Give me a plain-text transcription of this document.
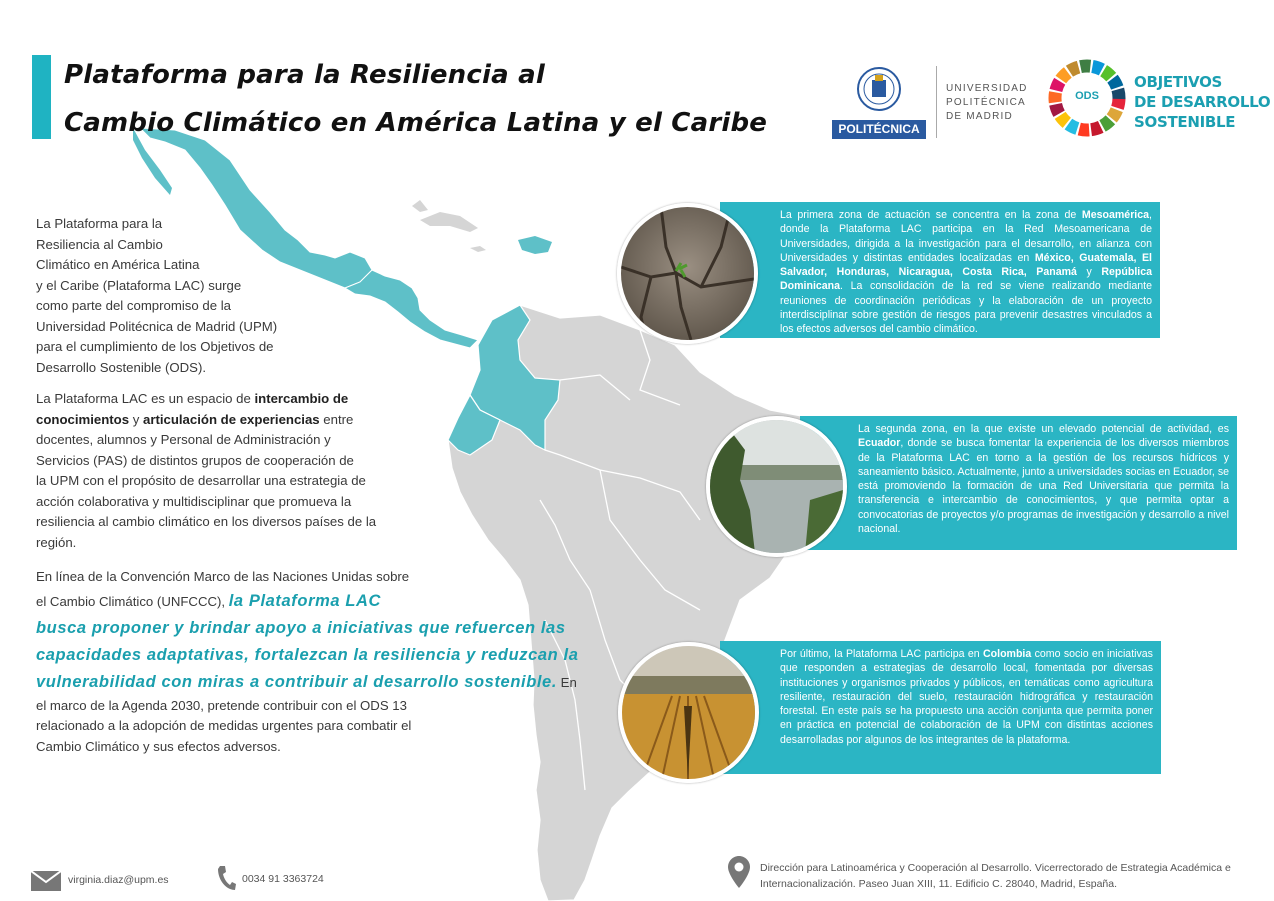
Plataforma para la Resiliencia al
Cambio Climático en América Latina y el Caribe	POLITÉCNICA
UNIVERSIDAD
POLITÉCNICA
DE MADRID
ODS
OBJETIVOS
DE DESARROLLO
SOSTENIBLE
La Plataforma para la
Resiliencia al Cambio
Climático en América Latina
y el Caribe (Plataforma LAC) surge
como parte del compromiso de la
Universidad Politécnica de Madrid (UPM)
para el cumplimiento de los Objetivos de
Desarrollo Sostenible (ODS).
La Plataforma LAC es un espacio de intercambio de
conocimientos y articulación de experiencias entre
docentes, alumnos y Personal de Administración y
Servicios (PAS) de distintos grupos de cooperación de
la UPM con el propósito de desarrollar una estrategia de
acción colaborativa y multidisciplinar que promueva la
resiliencia al cambio climático en los diversos países de la
región.
En línea de la Convención Marco de las Naciones Unidas sobre
el Cambio Climático (UNFCCC), la Plataforma LAC
busca proponer y brindar apoyo a iniciativas que refuercen las
capacidades adaptativas, fortalezcan la resiliencia y reduzcan la
vulnerabilidad con miras a contribuir al desarrollo sostenible. En
el marco de la Agenda 2030, pretende contribuir con el ODS 13
relacionado a la adopción de medidas urgentes para combatir el
Cambio Climático y sus efectos adversos.
La primera zona de actuación se concentra en la zona de Mesoamérica, donde la Plataforma LAC participa en la Red Mesoamericana de Universidades, dirigida a la investigación para el desarrollo, en alianza con Universidades y distintas entidades localizadas en México, Guatemala, El Salvador, Honduras, Nicaragua, Costa Rica, Panamá y República Dominicana. La consolidación de la red se viene realizando mediante reuniones de coordinación periódicas y la elaboración de un proyecto interdisciplinar sobre gestión de riesgos para prevenir desastres vinculados a los efectos adversos del cambio climático.
La segunda zona, en la que existe un elevado potencial de actividad, es Ecuador, donde se busca fomentar la experiencia de los diversos miembros de la Plataforma LAC en torno a la gestión de los recursos hídricos y saneamiento básico. Actualmente, junto a universidades socias en Ecuador, se está promoviendo la formación de una Red Universitaria que permita la transferencia e intercambio de conocimientos, y que permita optar a convocatorias de proyectos y/o programas de investigación y desarrollo a nivel nacional.
Por último, la Plataforma LAC participa en Colombia como socio en iniciativas que responden a estrategias de desarrollo local, fomentada por diversas instituciones y organismos privados y públicos, en temáticas como agricultura resiliente, restauración del suelo, restauración hidrográfica y restauración forestal. En este país se ha propuesto una acción conjunta que permita poner en práctica en potencial de colaboración de la UPM con distintas acciones desarrolladas por algunos de los integrantes de la plataforma.
virginia.diaz@upm.es	0034 91 3363724
Dirección para Latinoamérica y Cooperación al Desarrollo. Vicerrectorado de Estrategia Académica e
Internacionalización. Paseo Juan XIII, 11. Edificio C. 28040, Madrid, España.
